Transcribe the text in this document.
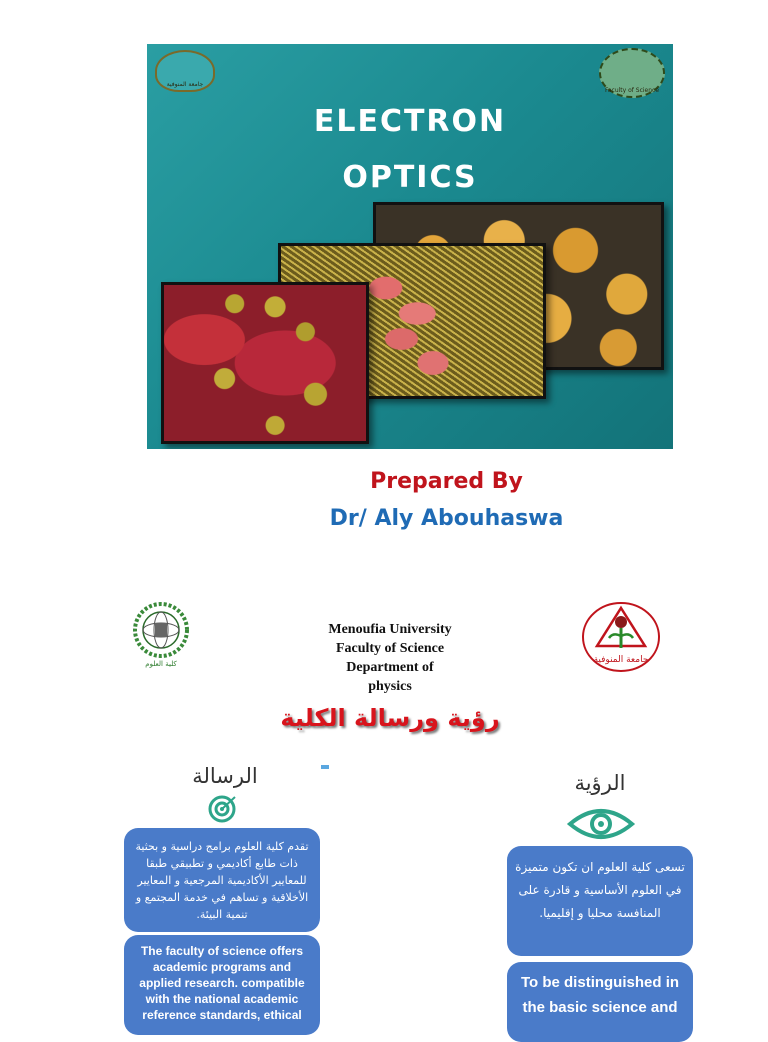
جامعة المنوفية
Faculty of Science
ELECTRON
OPTICS
Prepared By
Dr/ Aly Abouhaswa
كلية العلوم
Menoufia University
Faculty of Science
Department of
physics
جامعة المنوفية
رؤية ورسالة الكلية
الرسالة
تقدم كلية العلوم برامج دراسية و بحثية ذات طابع أكاديمي و تطبيقي طبقا للمعايير الأكاديمية المرجعية و المعايير الأخلاقية و تساهم في خدمة المجتمع و تنمية البيئة.
The faculty of science offers academic programs and applied research. compatible with the national academic reference standards, ethical
الرؤية
تسعى كلية العلوم ان تكون متميزة في العلوم الأساسية و قادرة على المنافسة محليا و إقليميا.
To be distinguished in the basic science and
